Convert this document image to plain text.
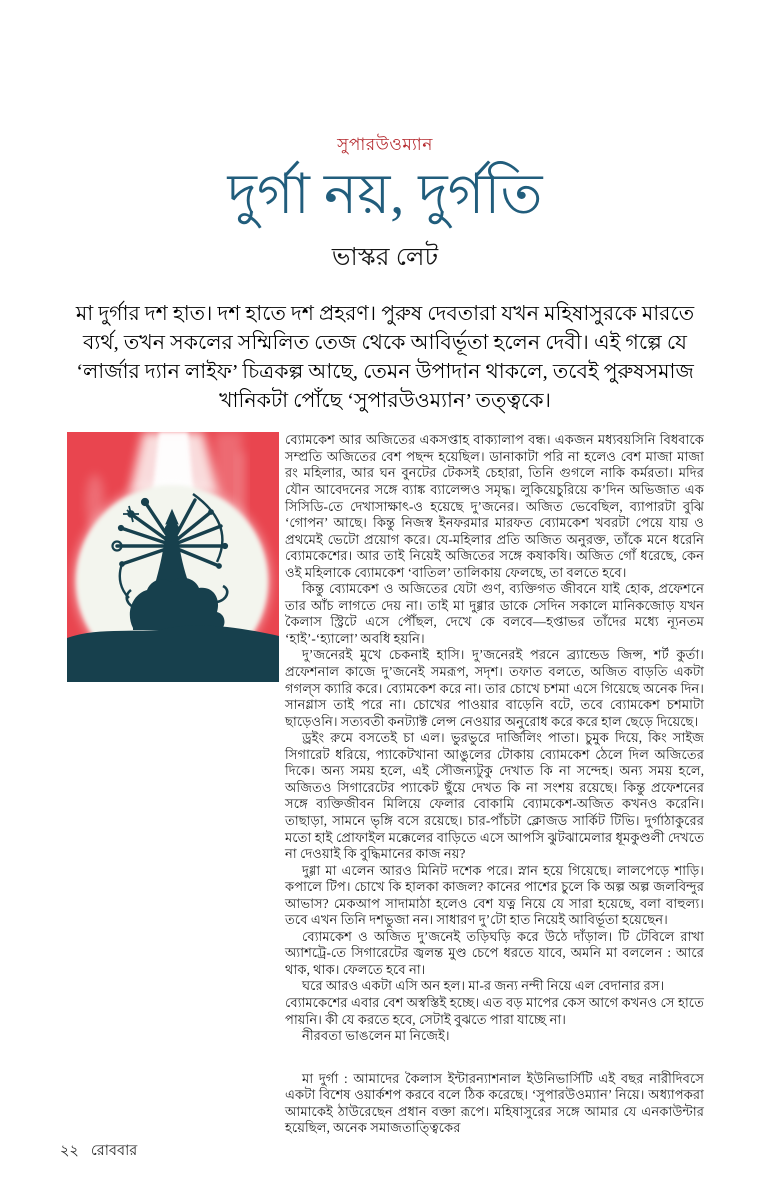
সুপারউওম্যান

দুর্গা নয়, দুর্গতি

ভাস্কর লেট

মা দুর্গার দশ হাত। দশ হাতে দশ প্রহরণ। পুরুষ দেবতারা যখন মহিষাসুরকে মারতে ব্যর্থ, তখন সকলের সম্মিলিত তেজ থেকে আবির্ভূতা হলেন দেবী। এই গল্পে যে ‘লার্জার দ্যান লাইফ’ চিত্রকল্প আছে, তেমন উপাদান থাকলে, তবেই পুরুষসমাজ খানিকটা পোঁছে ‘সুপারউওম্যান’ তত্ত্বকে।

ব্যোমকেশ আর অজিতের একসপ্তাহ বাক্যালাপ বন্ধ। একজন মধ্যবয়সিনি বিধবাকে সম্প্রতি অজিতের বেশ পছন্দ হয়েছিল। ডানাকাটা পরি না হলেও বেশ মাজা মাজা রং মহিলার, আর ঘন বুনটের টেকসই চেহারা, তিনি গুগলে নাকি কর্মরতা। মদির যৌন আবেদনের সঙ্গে ব্যাঙ্ক ব্যালেন্সও সমৃদ্ধ। লুকিয়েচুরিয়ে ক’দিন অভিজাত এক সিসিডি-তে দেখাসাক্ষাৎ-ও হয়েছে দু’জনের। অজিত ভেবেছিল, ব্যাপারটা বুঝি ‘গোপন’ আছে। কিন্তু নিজস্ব ইনফরমার মারফত ব্যোমকেশ খবরটা পেয়ে যায় ও প্রথমেই ভেটো প্রয়োগ করে। যে-মহিলার প্রতি অজিত অনুরক্ত, তাঁকে মনে ধরেনি ব্যোমকেশের। আর তাই নিয়েই অজিতের সঙ্গে কষাকষি। অজিত গোঁ ধরেছে, কেন ওই মহিলাকে ব্যোমকেশ ‘বাতিল’ তালিকায় ফেলছে, তা বলতে হবে।

কিন্তু ব্যোমকেশ ও অজিতের যেটা গুণ, ব্যক্তিগত জীবনে যাই হোক, প্রফেশনে তার আঁচ লাগতে দেয় না। তাই মা দুগ্গার ডাকে সেদিন সকালে মানিকজোড় যখন কৈলাস স্ট্রিটে এসে পৌঁছল, দেখে কে বলবে—হপ্তাভর তাঁদের মধ্যে ন্যূনতম ‘হাই’-‘হ্যালো’ অবধি হয়নি।

দু’জনেরই মুখে চেকনাই হাসি। দু’জনেরই পরনে ব্র্যান্ডেড জিন্স, শর্ট কুর্তা। প্রফেশনাল কাজে দু’জনেই সমরূপ, সদৃশ। তফাত বলতে, অজিত বাড়তি একটা গগল্স ক্যারি করে। ব্যোমকেশ করে না। তার চোখে চশমা এসে গিয়েছে অনেক দিন। সানগ্লাস তাই পরে না। চোখের পাওয়ার বাড়েনি বটে, তবে ব্যোমকেশ চশমাটা ছাড়েওনি। সত্যবতী কনট্যাক্ট লেন্স নেওয়ার অনুরোধ করে করে হাল ছেড়ে দিয়েছে।

ড্রইং রুমে বসতেই চা এল। ভুরভুরে দার্জিলিং পাতা। চুমুক দিয়ে, কিং সাইজ সিগারেট ধরিয়ে, প্যাকেটখানা আঙুলের টোকায় ব্যোমকেশ ঠেলে দিল অজিতের দিকে। অন্য সময় হলে, এই সৌজন্যটুকু দেখাত কি না সন্দেহ। অন্য সময় হলে, অজিতও সিগারেটের প্যাকেট ছুঁয়ে দেখত কি না সংশয় রয়েছে। কিন্তু প্রফেশনের সঙ্গে ব্যক্তিজীবন মিলিয়ে ফেলার বোকামি ব্যোমকেশ-অজিত কখনও করেনি। তাছাড়া, সামনে ভৃঙ্গি বসে রয়েছে। চার-পাঁচটা ক্লোজড সার্কিট টিভি। দুর্গাঠাকুরের মতো হাই প্রোফাইল মক্কেলের বাড়িতে এসে আপসি ঝুটঝামেলার ধূমকুণ্ডলী দেখতে না দেওয়াই কি বুদ্ধিমানের কাজ নয়?

দুগ্গা মা এলেন আরও মিনিট দশেক পরে। স্নান হয়ে গিয়েছে। লালপেড়ে শাড়ি। কপালে টিপ। চোখে কি হালকা কাজল? কানের পাশের চুলে কি অল্প অল্প জলবিন্দুর আভাস? মেকআপ সাদামাঠা হলেও বেশ যত্ন নিয়ে যে সারা হয়েছে, বলা বাহুল্য। তবে এখন তিনি দশভুজা নন। সাধারণ দু’টো হাত নিয়েই আবির্ভূতা হয়েছেন।

ব্যোমকেশ ও অজিত দু’জনেই তড়িঘড়ি করে উঠে দাঁড়াল। টি টেবিলে রাখা অ্যাশট্রে-তে সিগারেটের জ্বলন্ত মুণ্ড চেপে ধরতে যাবে, অমনি মা বললেন : আরে থাক, থাক। ফেলতে হবে না।

ঘরে আরও একটা এসি অন হল। মা-র জন্য নন্দী নিয়ে এল বেদানার রস।

ব্যোমকেশের এবার বেশ অস্বস্তিই হচ্ছে। এত বড় মাপের কেস আগে কখনও সে হাতে পায়নি। কী যে করতে হবে, সেটাই বুঝতে পারা যাচ্ছে না।

নীরবতা ভাঙলেন মা নিজেই।

মা দুর্গা : আমাদের কৈলাস ইন্টারন্যাশনাল ইউনিভার্সিটি এই বছর নারীদিবসে একটা বিশেষ ওয়ার্কশপ করবে বলে ঠিক করেছে। ‘সুপারউওম্যান’ নিয়ে। অধ্যাপকরা আমাকেই ঠাউরেছেন প্রধান বক্তা রূপে। মহিষাসুরের সঙ্গে আমার যে এনকাউন্টার হয়েছিল, অনেক সমাজতাত্ত্বিকের

২২ রোববার
